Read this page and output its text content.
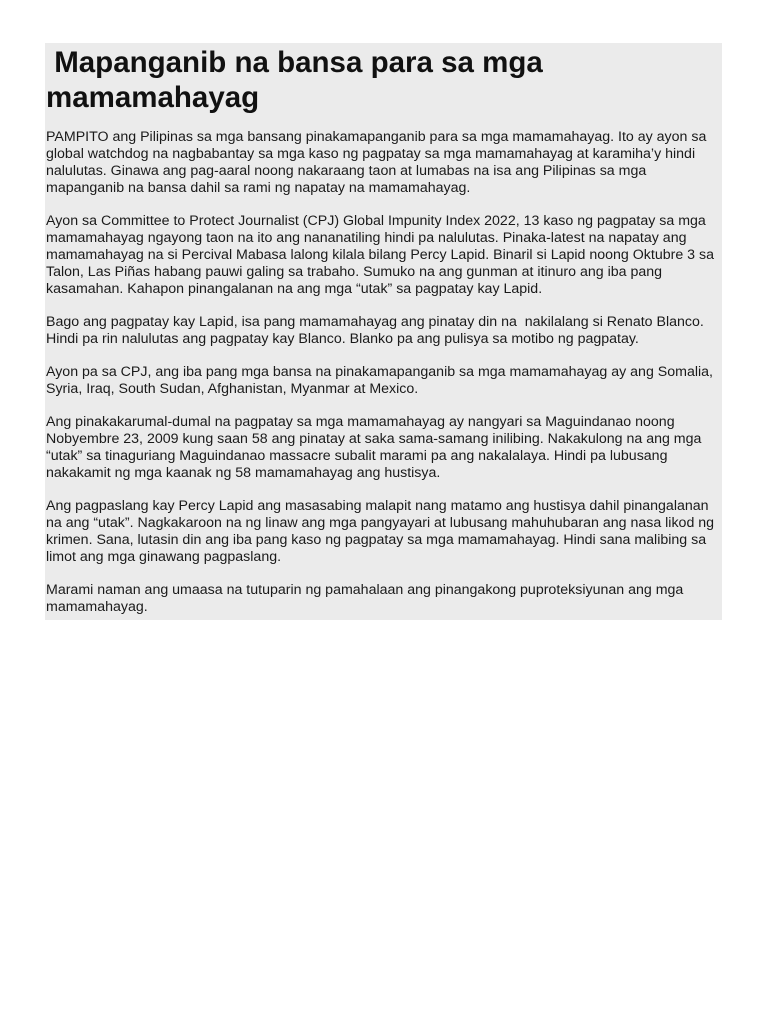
Mapanganib na bansa para sa mga mamamahayag

PAMPITO ang Pilipinas sa mga bansang pinakamapanganib para sa mga mamamahayag. Ito ay ayon sa global watchdog na nagbabantay sa mga kaso ng pagpatay sa mga mamamahayag at karamiha’y hindi nalulutas. Ginawa ang pag-aaral noong nakaraang taon at lumabas na isa ang Pilipinas sa mga mapanganib na bansa dahil sa rami ng napatay na mamamahayag.

Ayon sa Committee to Protect Journalist (CPJ) Global Impunity Index 2022, 13 kaso ng pagpatay sa mga mamamahayag ngayong taon na ito ang nananatiling hindi pa nalulutas. Pinaka-latest na napatay ang mamamahayag na si Percival Mabasa lalong kilala bilang Percy Lapid. Binaril si Lapid noong Oktubre 3 sa Talon, Las Piñas habang pauwi galing sa trabaho. Sumuko na ang gunman at itinuro ang iba pang kasamahan. Kahapon pinangalanan na ang mga “utak” sa pagpatay kay Lapid.

Bago ang pagpatay kay Lapid, isa pang mamamahayag ang pinatay din na  nakilalang si Renato Blanco. Hindi pa rin nalulutas ang pagpatay kay Blanco. Blanko pa ang pulisya sa motibo ng pagpatay.

Ayon pa sa CPJ, ang iba pang mga bansa na pinakamapanganib sa mga mamamahayag ay ang Somalia, Syria, Iraq, South Sudan, Afghanistan, Myanmar at Mexico.

Ang pinakakarumal-dumal na pagpatay sa mga mamamahayag ay nangyari sa Maguindanao noong Nobyembre 23, 2009 kung saan 58 ang pinatay at saka sama-samang inilibing. Nakakulong na ang mga “utak” sa tinaguriang Maguindanao massacre subalit marami pa ang nakalalaya. Hindi pa lubusang nakakamit ng mga kaanak ng 58 mamamahayag ang hustisya.

Ang pagpaslang kay Percy Lapid ang masasabing malapit nang matamo ang hustisya dahil pinangalanan na ang “utak”. Nagkakaroon na ng linaw ang mga pangyayari at lubusang mahuhubaran ang nasa likod ng krimen. Sana, lutasin din ang iba pang kaso ng pagpatay sa mga mamamahayag. Hindi sana malibing sa limot ang mga ginawang pagpaslang.

Marami naman ang umaasa na tutuparin ng pamahalaan ang pinangakong puproteksiyunan ang mga mamamahayag.
